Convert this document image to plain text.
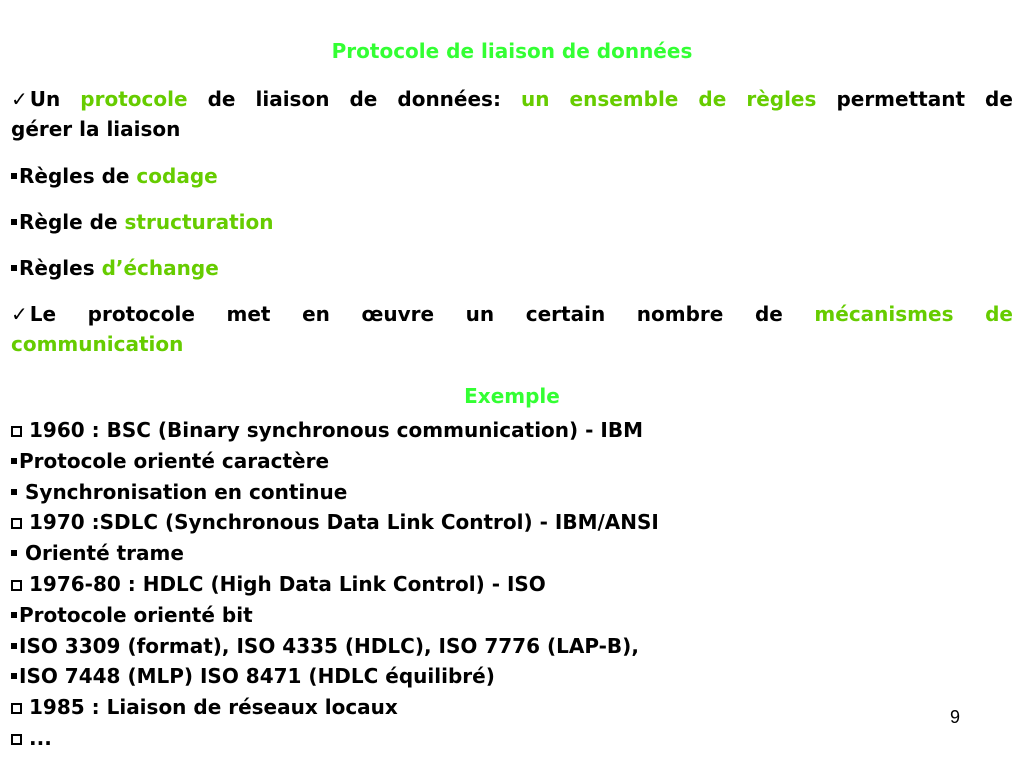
Protocole de liaison de données
✓ Un protocole de liaison de données: un ensemble de règles permettant de
gérer la liaison
Règles de codage
Règle de structuration
Règles d’échange
✓ Le protocole met en œuvre un certain nombre de mécanismes de
communication
Exemple
1960 : BSC (Binary synchronous communication) - IBM
Protocole orienté caractère
Synchronisation en continue
1970 :SDLC (Synchronous Data Link Control) - IBM/ANSI
Orienté trame
1976-80 : HDLC (High Data Link Control) - ISO
Protocole orienté bit
ISO 3309 (format), ISO 4335 (HDLC), ISO 7776 (LAP-B),
ISO 7448 (MLP) ISO 8471 (HDLC équilibré)
1985 : Liaison de réseaux locaux
...
9
